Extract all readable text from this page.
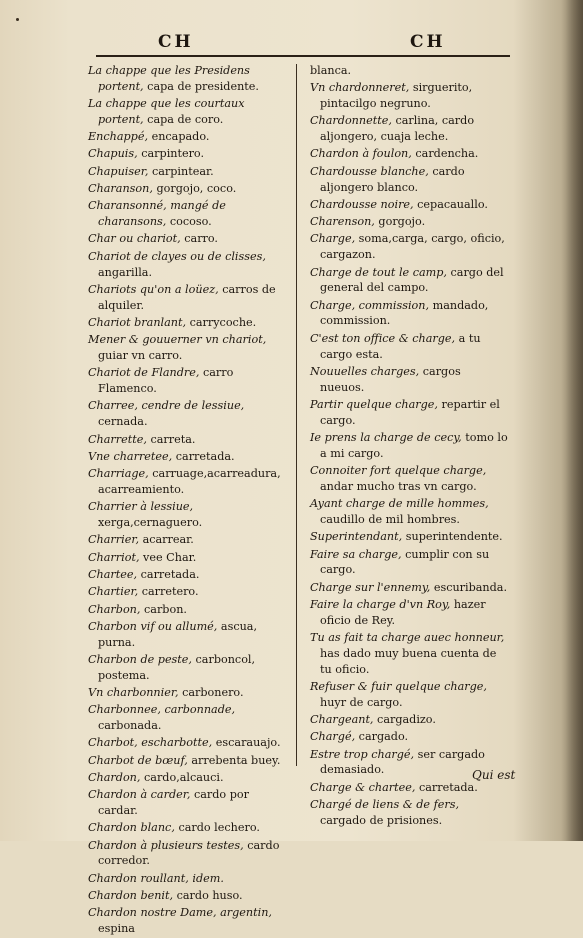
CH	CH
La chappe que les Presidens portent, capa de presidente.
La chappe que les courtaux portent, capa de coro.
Enchappé, encapado.
Chapuis, carpintero.
Chapuiser, carpintear.
Charanson, gorgojo, coco.
Charansonné, mangé de charansons, cocoso.
Char ou chariot, carro.
Chariot de clayes ou de clisses, angarilla.
Chariots qu'on a loüez, carros de alquiler.
Chariot branlant, carrycoche.
Mener & gouuerner vn chariot, guiar vn carro.
Chariot de Flandre, carro Flamenco.
Charree, cendre de lessiue, cernada.
Charrette, carreta.
Vne charretee, carretada.
Charriage, carruage,acarreadura, acarreamiento.
Charrier à lessiue, xerga,cernaguero.
Charrier, acarrear.
Charriot, vee Char.
Chartee, carretada.
Chartier, carretero.
Charbon, carbon.
Charbon vif ou allumé, ascua, purna.
Charbon de peste, carboncol, postema.
Vn charbonnier, carbonero.
Charbonnee, carbonnade, carbonada.
Charbot, escharbotte, escarauajo.
Charbot de bœuf, arrebenta buey.
Chardon, cardo,alcauci.
Chardon à carder, cardo por cardar.
Chardon blanc, cardo lechero.
Chardon à plusieurs testes, cardo corredor.
Chardon roullant, idem.
Chardon benit, cardo huso.
Chardon nostre Dame, argentin, espina
blanca.
Vn chardonneret, sirguerito, pintacilgo negruno.
Chardonnette, carlina, cardo aljongero, cuaja leche.
Chardon à foulon, cardencha.
Chardousse blanche, cardo aljongero blanco.
Chardousse noire, cepacauallo.
Charenson, gorgojo.
Charge, soma,carga, cargo, oficio, cargazon.
Charge de tout le camp, cargo del general del campo.
Charge, commission, mandado, commission.
C'est ton office & charge, a tu cargo esta.
Nouuelles charges, cargos nueuos.
Partir quelque charge, repartir el cargo.
Ie prens la charge de cecy, tomo lo a mi cargo.
Connoiter fort quelque charge, andar mucho tras vn cargo.
Ayant charge de mille hommes, caudillo de mil hombres.
Superintendant, superintendente.
Faire sa charge, cumplir con su cargo.
Charge sur l'ennemy, escuribanda.
Faire la charge d'vn Roy, hazer oficio de Rey.
Tu as fait ta charge auec honneur, has dado muy buena cuenta de tu oficio.
Refuser & fuir quelque charge, huyr de cargo.
Chargeant, cargadizo.
Chargé, cargado.
Estre trop chargé, ser cargado demasiado.
Charge & chartee, carretada.
Chargé de liens & de fers, cargado de prisiones.
Qui est
